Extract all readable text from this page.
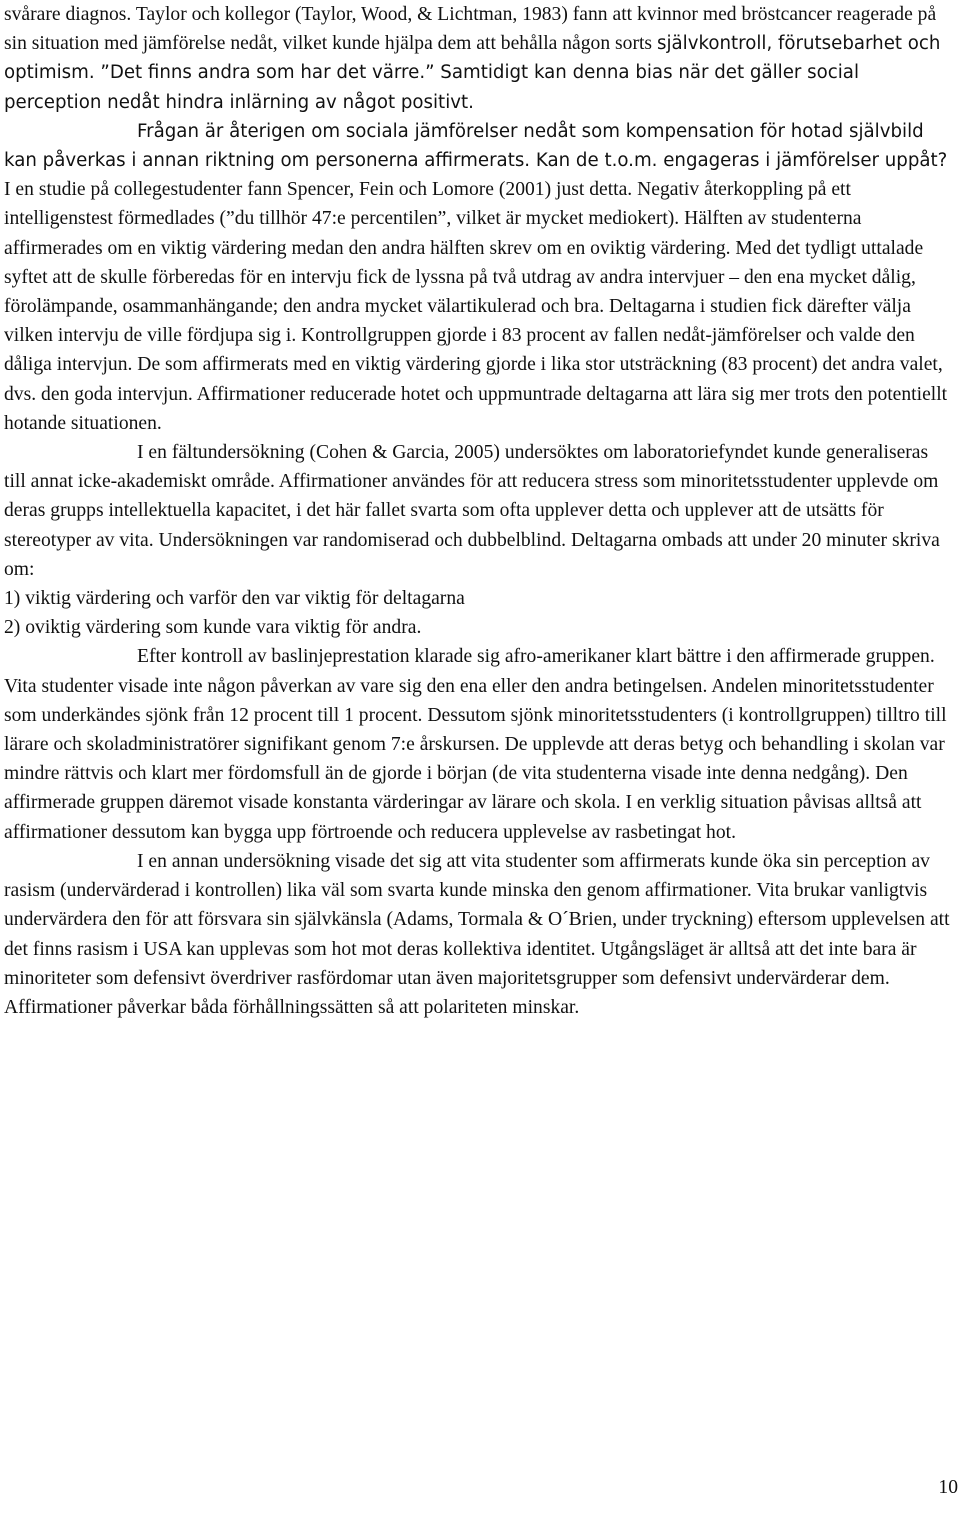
svårare diagnos. Taylor och kollegor (Taylor, Wood, & Lichtman, 1983) fann att kvinnor med bröstcancer reagerade på sin situation med jämförelse nedåt, vilket kunde hjälpa dem att behålla någon sorts självkontroll, förutsebarhet och optimism. ”Det finns andra som har det värre.” Samtidigt kan denna bias när det gäller social perception nedåt hindra inlärning av något positivt.

Frågan är återigen om sociala jämförelser nedåt som kompensation för hotad självbild kan påverkas i annan riktning om personerna affirmerats. Kan de t.o.m. engageras i jämförelser uppåt? I en studie på collegestudenter fann Spencer, Fein och Lomore (2001) just detta. Negativ återkoppling på ett intelligenstest förmedlades (”du tillhör 47:e percentilen”, vilket är mycket mediokert). Hälften av studenterna affirmerades om en viktig värdering medan den andra hälften skrev om en oviktig värdering. Med det tydligt uttalade syftet att de skulle förberedas för en intervju fick de lyssna på två utdrag av andra intervjuer – den ena mycket dålig, förolämpande, osammanhängande; den andra mycket välartikulerad och bra. Deltagarna i studien fick därefter välja vilken intervju de ville fördjupa sig i. Kontrollgruppen gjorde i 83 procent av fallen nedåt-jämförelser och valde den dåliga intervjun. De som affirmerats med en viktig värdering gjorde i lika stor utsträckning (83 procent) det andra valet, dvs. den goda intervjun. Affirmationer reducerade hotet och uppmuntrade deltagarna att lära sig mer trots den potentiellt hotande situationen.

I en fältundersökning (Cohen & Garcia, 2005) undersöktes om laboratoriefyndet kunde generaliseras till annat icke-akademiskt område. Affirmationer användes för att reducera stress som minoritetsstudenter upplevde om deras grupps intellektuella kapacitet, i det här fallet svarta som ofta upplever detta och upplever att de utsätts för stereotyper av vita. Undersökningen var randomiserad och dubbelblind. Deltagarna ombads att under 20 minuter skriva om:

1) viktig värdering och varför den var viktig för deltagarna

2) oviktig värdering som kunde vara viktig för andra.

Efter kontroll av baslinjeprestation klarade sig afro-amerikaner klart bättre i den affirmerade gruppen. Vita studenter visade inte någon påverkan av vare sig den ena eller den andra betingelsen. Andelen minoritetsstudenter som underkändes sjönk från 12 procent till 1 procent. Dessutom sjönk minoritetsstudenters (i kontrollgruppen) tilltro till lärare och skoladministratörer signifikant genom 7:e årskursen. De upplevde att deras betyg och behandling i skolan var mindre rättvis och klart mer fördomsfull än de gjorde i början (de vita studenterna visade inte denna nedgång). Den affirmerade gruppen däremot visade konstanta värderingar av lärare och skola. I en verklig situation påvisas alltså att affirmationer dessutom kan bygga upp förtroende och reducera upplevelse av rasbetingat hot.

I en annan undersökning visade det sig att vita studenter som affirmerats kunde öka sin perception av rasism (undervärderad i kontrollen) lika väl som svarta kunde minska den genom affirmationer. Vita brukar vanligtvis undervärdera den för att försvara sin självkänsla (Adams, Tormala & O´Brien, under tryckning) eftersom upplevelsen att det finns rasism i USA kan upplevas som hot mot deras kollektiva identitet. Utgångsläget är alltså att det inte bara är minoriteter som defensivt överdriver rasfördomar utan även majoritetsgrupper som defensivt undervärderar dem. Affirmationer påverkar båda förhållningssätten så att polariteten minskar.

10
